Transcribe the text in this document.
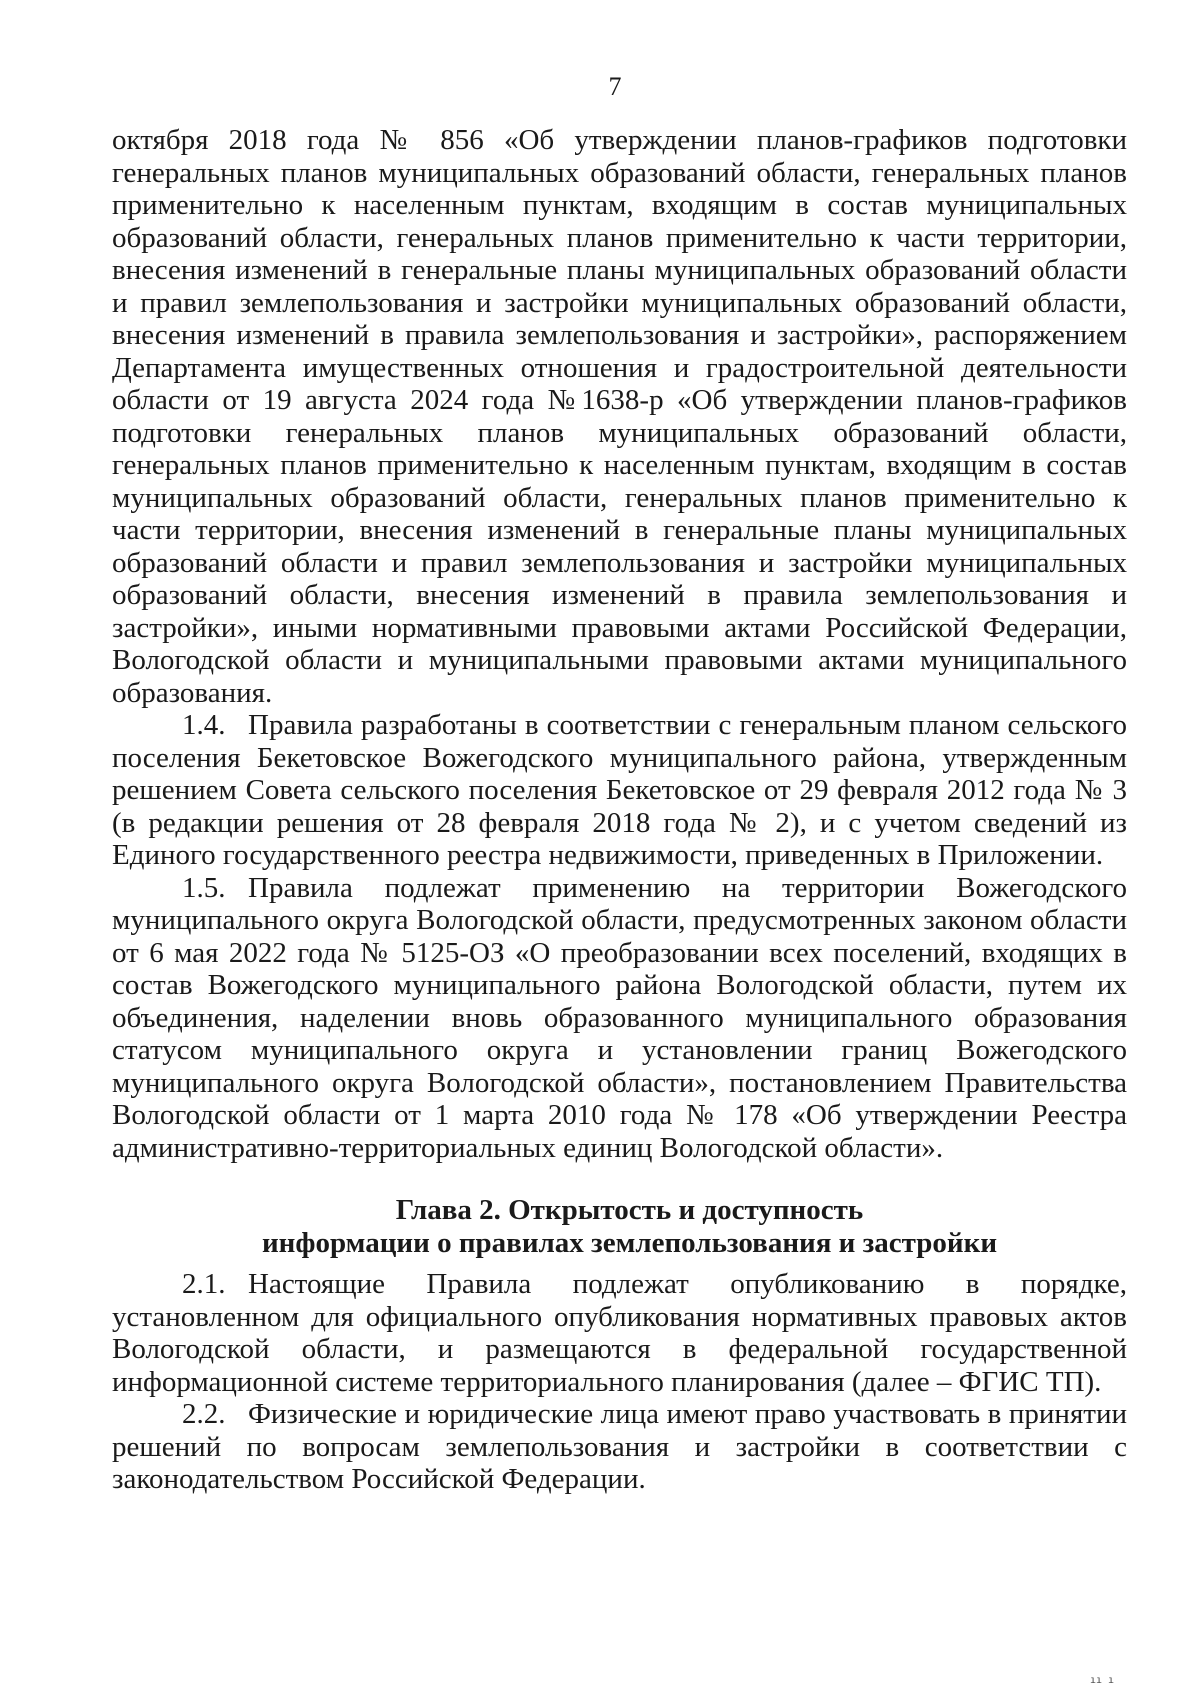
7

октября 2018 года № 856 «Об утверждении планов-графиков подготовки генеральных планов муниципальных образований области, генеральных планов применительно к населенным пунктам, входящим в состав муниципальных образований области, генеральных планов применительно к части территории, внесения изменений в генеральные планы муниципальных образований области и правил землепользования и застройки муниципальных образований области, внесения изменений в правила землепользования и застройки», распоряжением Департамента имущественных отношения и градостроительной деятельности области от 19 августа 2024 года №1638-р «Об утверждении планов-графиков подготовки генеральных планов муниципальных образований области, генеральных планов применительно к населенным пунктам, входящим в состав муниципальных образований области, генеральных планов применительно к части территории, внесения изменений в генеральные планы муниципальных образований области и правил землепользования и застройки муниципальных образований области, внесения изменений в правила землепользования и застройки», иными нормативными правовыми актами Российской Федерации, Вологодской области и муниципальными правовыми актами муниципального образования.

1.4. Правила разработаны в соответствии с генеральным планом сельского поселения Бекетовское Вожегодского муниципального района, утвержденным решением Совета сельского поселения Бекетовское от 29 февраля 2012 года № 3 (в редакции решения от 28 февраля 2018 года № 2), и с учетом сведений из Единого государственного реестра недвижимости, приведенных в Приложении.

1.5. Правила подлежат применению на территории Вожегодского муниципального округа Вологодской области, предусмотренных законом области от 6 мая 2022 года № 5125-ОЗ «О преобразовании всех поселений, входящих в состав Вожегодского муниципального района Вологодской области, путем их объединения, наделении вновь образованного муниципального образования статусом муниципального округа и установлении границ Вожегодского муниципального округа Вологодской области», постановлением Правительства Вологодской области от 1 марта 2010 года № 178 «Об утверждении Реестра административно-территориальных единиц Вологодской области».

Глава 2. Открытость и доступность
информации о правилах землепользования и застройки

2.1. Настоящие Правила подлежат опубликованию в порядке, установленном для официального опубликования нормативных правовых актов Вологодской области, и размещаются в федеральной государственной информационной системе территориального планирования (далее – ФГИС ТП).

2.2. Физические и юридические лица имеют право участвовать в принятии решений по вопросам землепользования и застройки в соответствии с законодательством Российской Федерации.

ıı ı
